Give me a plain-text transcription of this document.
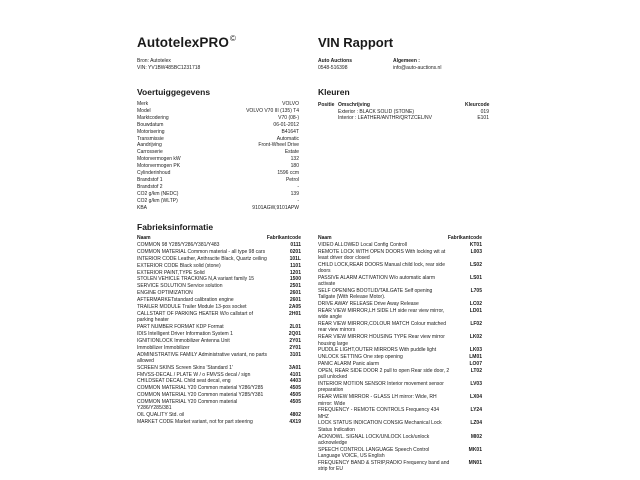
AutotelexPRO©	VIN Rapport
Bron: Autotelex
VIN: YV1BW485BC1231718
Auto Auctions
0548-516398
Algemeen :
info@auto-auctions.nl
Voertuiggegevens
Merk	VOLVO
Model	VOLVO V70 III (135) T4
Marktcodering	V70 (08-)
Bouwdatum	06-01-2012
Motorisering	B4164T
Transmissie	Automatic
Aandrijving	Front-Wheel Drive
Carrosserie	Estate
Motorvermogen kW	132
Motorvermogen PK	180
Cylinderinhoud	1596 ccm
Brandstof 1	Petrol
Brandstof 2	-
CO2 g/km (NEDC)	139
CO2 g/km (WLTP)	-
KBA	9101AGW,9101APW
Kleuren
Positie Omschrijving	Kleurcode
Exterior : BLACK SOLID (STONE)	019
Interior : LEATHER/ANTHR/QRTZCEL/NV	E101
Fabrieksinformatie
Naam	Fabrikantcode	Naam	Fabrikantcode
COMMON 98 Y285/Y286/Y381/Y483	0111
COMMON MATERIAL Common material - all type 98 cars	0201
INTERIOR CODE Leather, Anthracite Black, Quartz ceiling	101L
EXTERIOR CODE Black solid (stone)	1101
EXTERIOR PAINT,TYPE Solid	1201
STOLEN VEHICLE TRACKING N,A variant family 15	1500
SERVICE SOLUTION Service solution	2501
ENGINE OPTIMIZATION	2601
AFTERMARKETstandard calibration engine	2601
TRAILER MODULE Trailer Module 13-pos socket	2A05
CALLSTART OF PARKING HEATER W/o callstart of parking heater
2H01
PART NUMBER FORMAT KDP Format	2L01
IDIS Intelligent Driver Information System 1	2Q01
IGNITIONLOCK Immobilizer Antenna Unit	2Y01
Immobilizer Immobilizer	2Y01
ADMINISTRATIVE FAMILY Administrative variant, no parts allowed
3101
SCREEN SKINS Screen Skins 'Standard 1'	3A01
FMVSS-DECAL / PLATE W / o FMVSS decal / sign	4101
CHILDSEAT DECAL Child seat decal, eng	4403
COMMON MATERIAL Y20 Common material Y286/Y285	4505
COMMON MATERIAL Y20 Common material Y285/Y381	4505
COMMON MATERIAL Y20 Common material Y286/Y285/381
4505
OIL QUALITY Std. oil	4802
MARKET CODE Market variant, not for part steering	4X19
VIDEO ALLOWED Local Config Controll	KT01
REMOTE LOCK WITH OPEN DOORS With locking wit at least driver door closed
L003
CHILD LOCK,REAR DOORS Manual child lock, rear side doors
LS02
PASSIVE ALARM ACTIVATION W/o automatic alarm activate
LS01
SELF OPENING BOOTLID/TAILGATE Self opening Tailgate (With Release Motor).
L705
DRIVE AWAY RELEASE Drive Away Release	LC02
REAR VIEW MIRROR,LH SIDE LH side rear view mirror, wide angle
LD01
REAR VIEW MIRROR,COLOUR MATCH Colour matched rear view mirrors
LF02
REAR VIEW MIRROR HOUSING TYPE Rear view mirror housing large
LK02
PUDDLE LIGHT,OUTER MIRRORS With puddle light	LK03
UNLOCK SETTING One step opening	LM01
PANIC ALARM Panic alarm	LO07
OPEN, REAR SIDE DOOR 2 pull to open Rear side door, 2 pull unlocked
LT02
INTERIOR MOTION SENSOR Interior movement sensor preparation
LV03
REAR WIEW MIRROR - GLASS LH mirror: Wide, RH mirror: Wide
LX04
FREQUENCY - REMOTE CONTROLS Frequency 434 MHZ
LY24
LOCK STATUS INDICATION CONSIG Mechanical Lock Status Indication
LZ04
ACKNOWL. SIGNAL LOCK/UNLOCK Lock/unlock acknowledge
MI02
SPEECH CONTROL LANGUAGE Speech Control Language VOICE, US English
MK01
FREQUENCY BAND & STRIP,RADIO Frequency band and strip for EU
MN01
